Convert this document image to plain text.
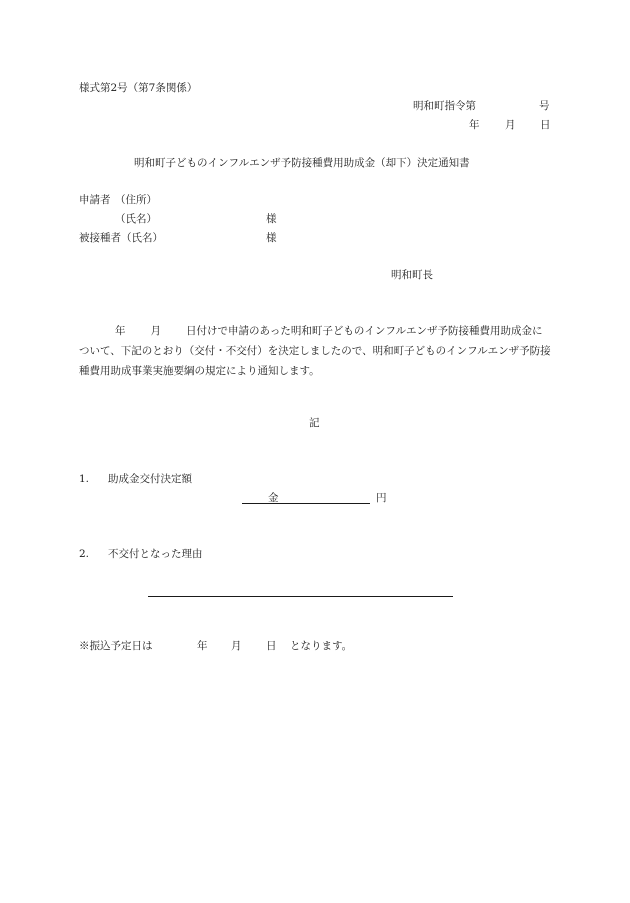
様式第2号（第7条関係）
明和町指令第	号
年 月 日
明和町子どものインフルエンザ予防接種費用助成金（却下）決定通知書
申請者 （住所）
（氏名）	様
被接種者（氏名）	様
明和町長
年 月 日付けで申請のあった明和町子どものインフルエンザ予防接種費用助成金について、下記のとおり（交付・不交付）を決定しましたので、明和町子どものインフルエンザ予防接種費用助成事業実施要綱の規定により通知します。
記
1. 助成金交付決定額
金	円
2. 不交付となった理由
※振込予定日は	年 月 日 となります。
